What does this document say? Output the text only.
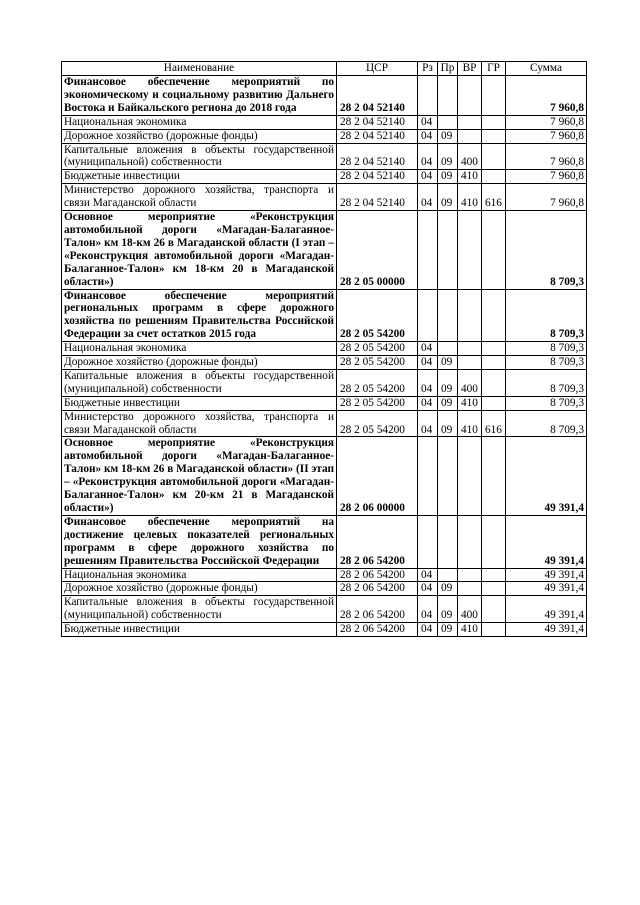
Наименование	ЦСР	Рз	Пр	ВР	ГР	Сумма
Финансовое обеспечение мероприятий по экономическому и социальному развитию Дальнего Востока и Байкальского региона до 2018 года	28 2 04 52140					7 960,8
Национальная экономика	28 2 04 52140	04				7 960,8
Дорожное хозяйство (дорожные фонды)	28 2 04 52140	04	09			7 960,8
Капитальные вложения в объекты государственной (муниципальной) собственности	28 2 04 52140	04	09	400		7 960,8
Бюджетные инвестиции	28 2 04 52140	04	09	410		7 960,8
Министерство дорожного хозяйства, транспорта и связи Магаданской области	28 2 04 52140	04	09	410	616	7 960,8
Основное мероприятие «Реконструкция автомобильной дороги «Магадан-Балаганное-Талон» км 18-км 26 в Магаданской области (I этап – «Реконструкция автомобильной дороги «Магадан-Балаганное-Талон» км 18-км 20 в Магаданской области»)	28 2 05 00000					8 709,3
Финансовое обеспечение мероприятий региональных программ в сфере дорожного хозяйства по решениям Правительства Российской Федерации за счет остатков 2015 года	28 2 05 54200					8 709,3
Национальная экономика	28 2 05 54200	04				8 709,3
Дорожное хозяйство (дорожные фонды)	28 2 05 54200	04	09			8 709,3
Капитальные вложения в объекты государственной (муниципальной) собственности	28 2 05 54200	04	09	400		8 709,3
Бюджетные инвестиции	28 2 05 54200	04	09	410		8 709,3
Министерство дорожного хозяйства, транспорта и связи Магаданской области	28 2 05 54200	04	09	410	616	8 709,3
Основное мероприятие «Реконструкция автомобильной дороги «Магадан-Балаганное-Талон» км 18-км 26 в Магаданской области» (II этап – «Реконструкция автомобильной дороги «Магадан-Балаганное-Талон» км 20-км 21 в Магаданской области»)	28 2 06 00000					49 391,4
Финансовое обеспечение мероприятий на достижение целевых показателей региональных программ в сфере дорожного хозяйства по решениям Правительства Российской Федерации	28 2 06 54200					49 391,4
Национальная экономика	28 2 06 54200	04				49 391,4
Дорожное хозяйство (дорожные фонды)	28 2 06 54200	04	09			49 391,4
Капитальные вложения в объекты государственной (муниципальной) собственности	28 2 06 54200	04	09	400		49 391,4
Бюджетные инвестиции	28 2 06 54200	04	09	410		49 391,4
